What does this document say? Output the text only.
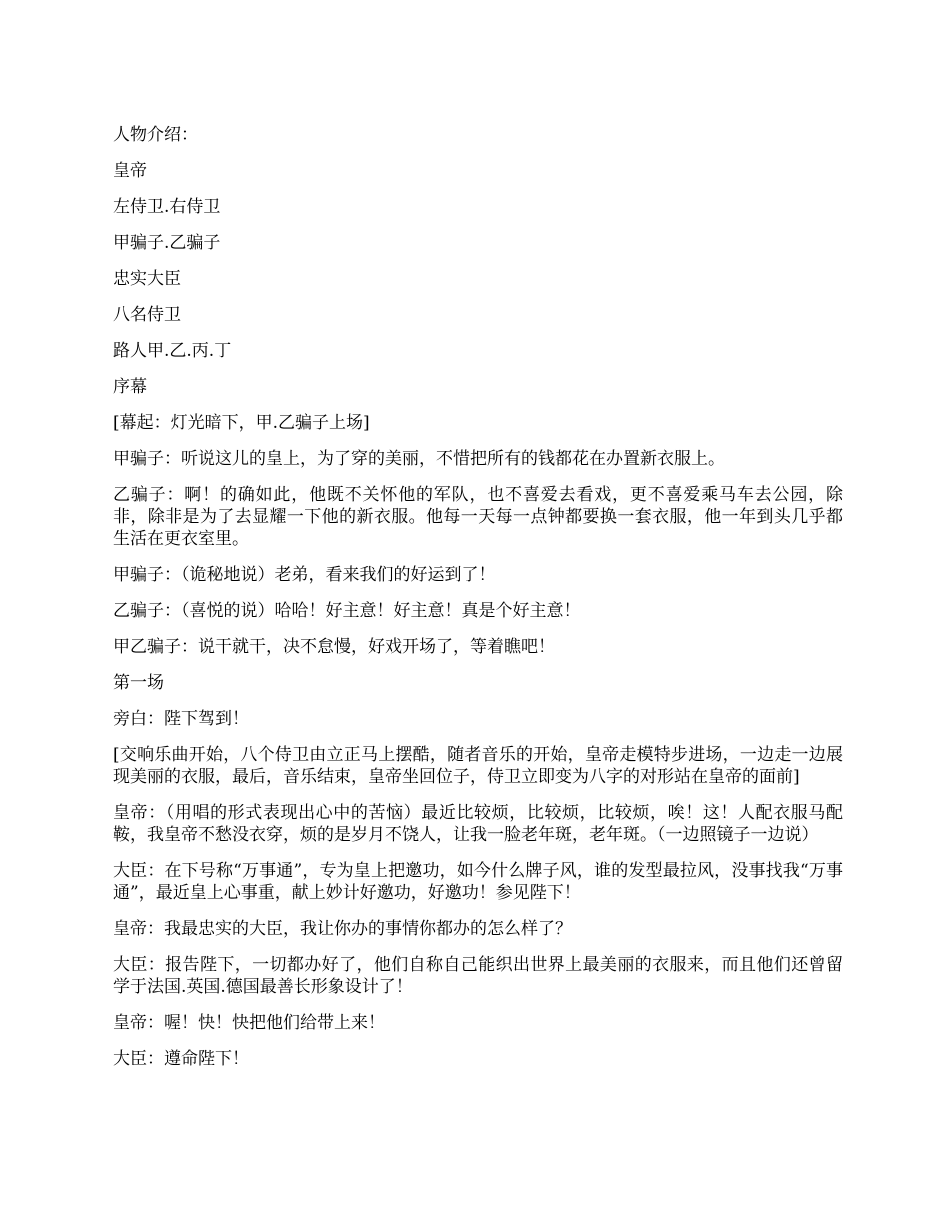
人物介绍：

皇帝

左侍卫.右侍卫

甲骗子.乙骗子

忠实大臣

八名侍卫

路人甲.乙.丙.丁

序幕

[幕起：灯光暗下，甲.乙骗子上场]

甲骗子：听说这儿的皇上，为了穿的美丽，不惜把所有的钱都花在办置新衣服上。

乙骗子：啊！的确如此，他既不关怀他的军队，也不喜爱去看戏，更不喜爱乘马车去公园，除非，除非是为了去显耀一下他的新衣服。他每一天每一点钟都要换一套衣服，他一年到头几乎都生活在更衣室里。

甲骗子：（诡秘地说）老弟，看来我们的好运到了！

乙骗子：（喜悦的说）哈哈！好主意！好主意！真是个好主意！

甲乙骗子：说干就干，决不怠慢，好戏开场了，等着瞧吧！

第一场

旁白：陛下驾到！

[交响乐曲开始，八个侍卫由立正马上摆酷，随者音乐的开始，皇帝走模特步进场，一边走一边展现美丽的衣服，最后，音乐结束，皇帝坐回位子，侍卫立即变为八字的对形站在皇帝的面前]

皇帝：（用唱的形式表现出心中的苦恼）最近比较烦，比较烦，比较烦，唉！这！人配衣服马配鞍，我皇帝不愁没衣穿，烦的是岁月不饶人，让我一脸老年斑，老年斑。（一边照镜子一边说）

大臣：在下号称“万事通”，专为皇上把邀功，如今什么牌子风，谁的发型最拉风，没事找我“万事通”，最近皇上心事重，献上妙计好邀功，好邀功！参见陛下！

皇帝：我最忠实的大臣，我让你办的事情你都办的怎么样了？

大臣：报告陛下，一切都办好了，他们自称自己能织出世界上最美丽的衣服来，而且他们还曾留学于法国.英国.德国最善长形象设计了！

皇帝：喔！快！快把他们给带上来！

大臣：遵命陛下！
